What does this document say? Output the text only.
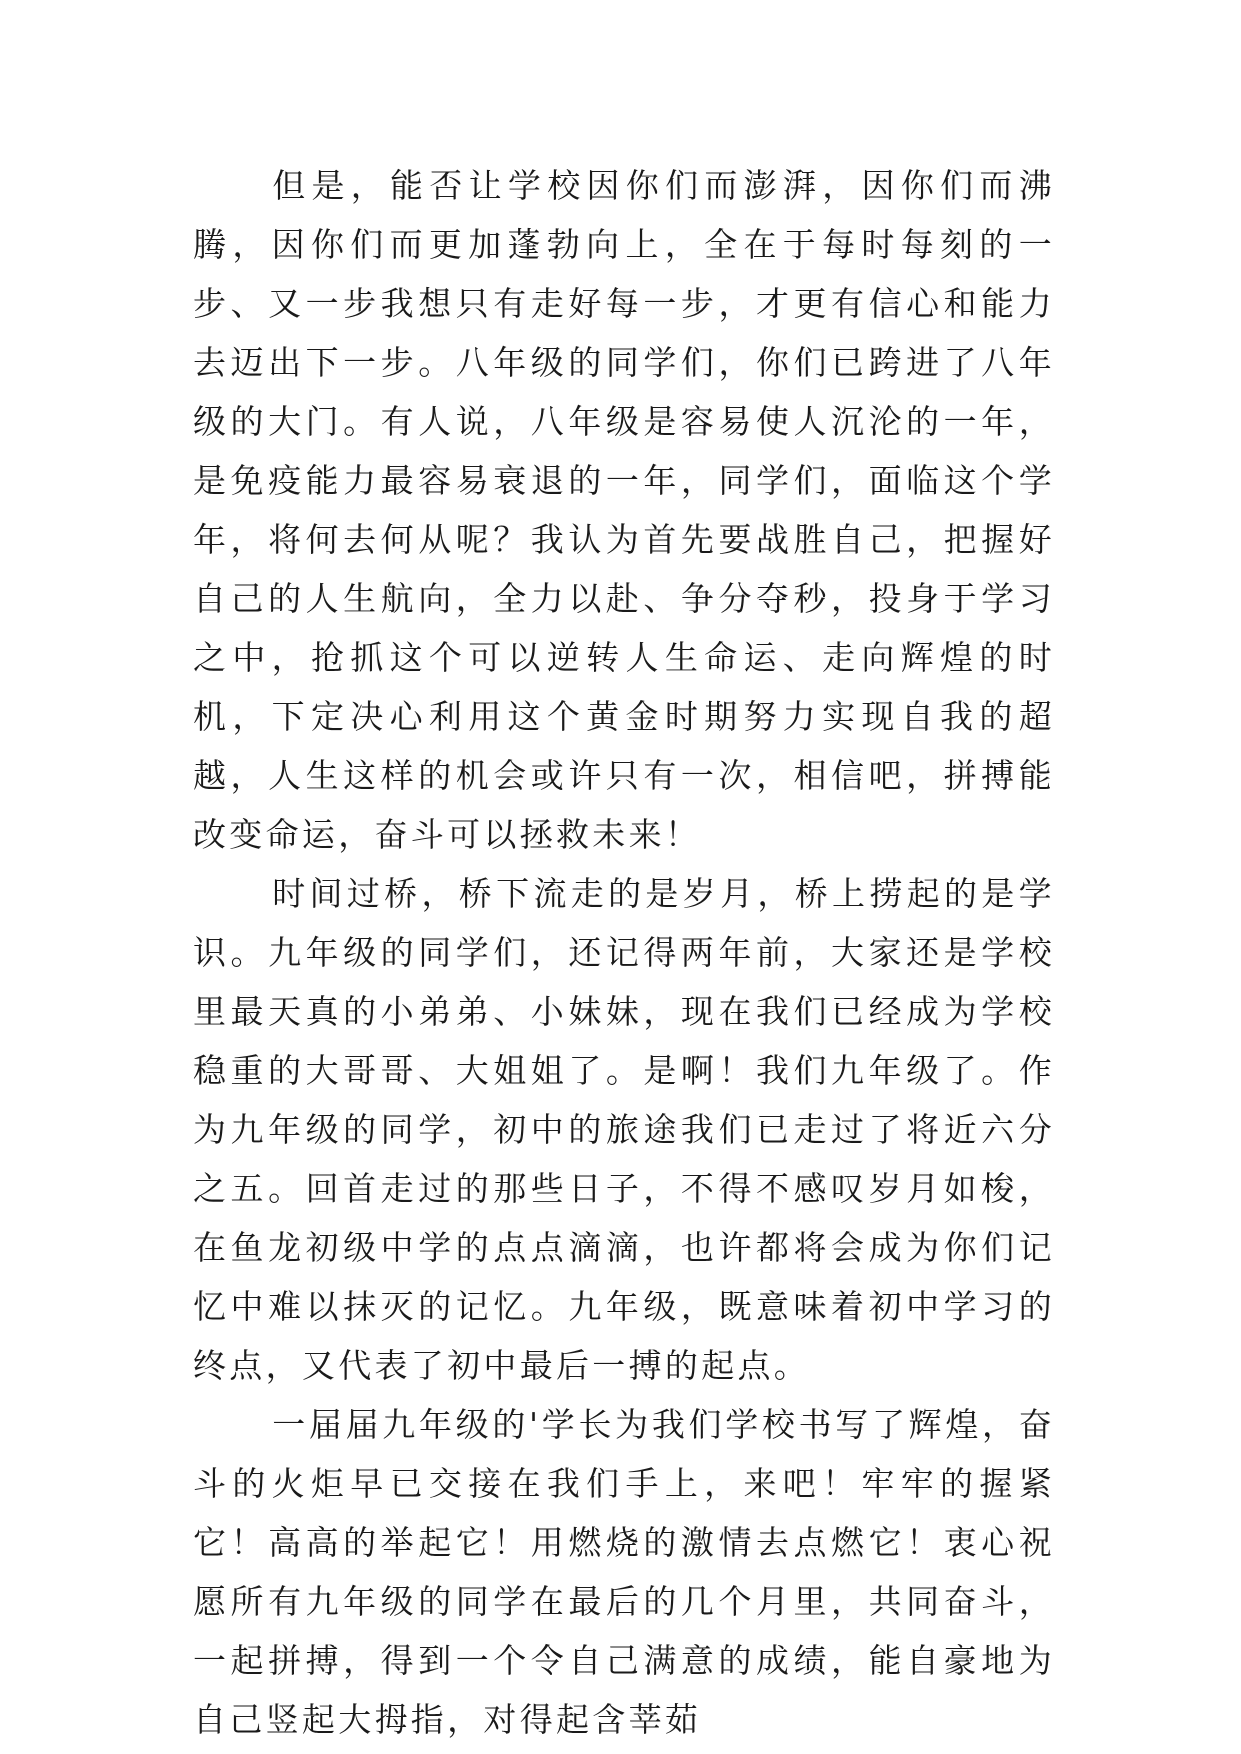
但是，能否让学校因你们而澎湃，因你们而沸腾，因你们而更加蓬勃向上，全在于每时每刻的一步、又一步我想只有走好每一步，才更有信心和能力去迈出下一步。八年级的同学们，你们已跨进了八年级的大门。有人说，八年级是容易使人沉沦的一年，是免疫能力最容易衰退的一年，同学们，面临这个学年，将何去何从呢？我认为首先要战胜自己，把握好自己的人生航向，全力以赴、争分夺秒，投身于学习之中，抢抓这个可以逆转人生命运、走向辉煌的时机，下定决心利用这个黄金时期努力实现自我的超越，人生这样的机会或许只有一次，相信吧，拼搏能改变命运，奋斗可以拯救未来！

时间过桥，桥下流走的是岁月，桥上捞起的是学识。九年级的同学们，还记得两年前，大家还是学校里最天真的小弟弟、小妹妹，现在我们已经成为学校稳重的大哥哥、大姐姐了。是啊！我们九年级了。作为九年级的同学，初中的旅途我们已走过了将近六分之五。回首走过的那些日子，不得不感叹岁月如梭，在鱼龙初级中学的点点滴滴，也许都将会成为你们记忆中难以抹灭的记忆。九年级，既意味着初中学习的终点，又代表了初中最后一搏的起点。

一届届九年级的'学长为我们学校书写了辉煌，奋斗的火炬早已交接在我们手上，来吧！牢牢的握紧它！高高的举起它！用燃烧的激情去点燃它！衷心祝愿所有九年级的同学在最后的几个月里，共同奋斗，一起拼搏，得到一个令自己满意的成绩，能自豪地为自己竖起大拇指，对得起含莘茹
